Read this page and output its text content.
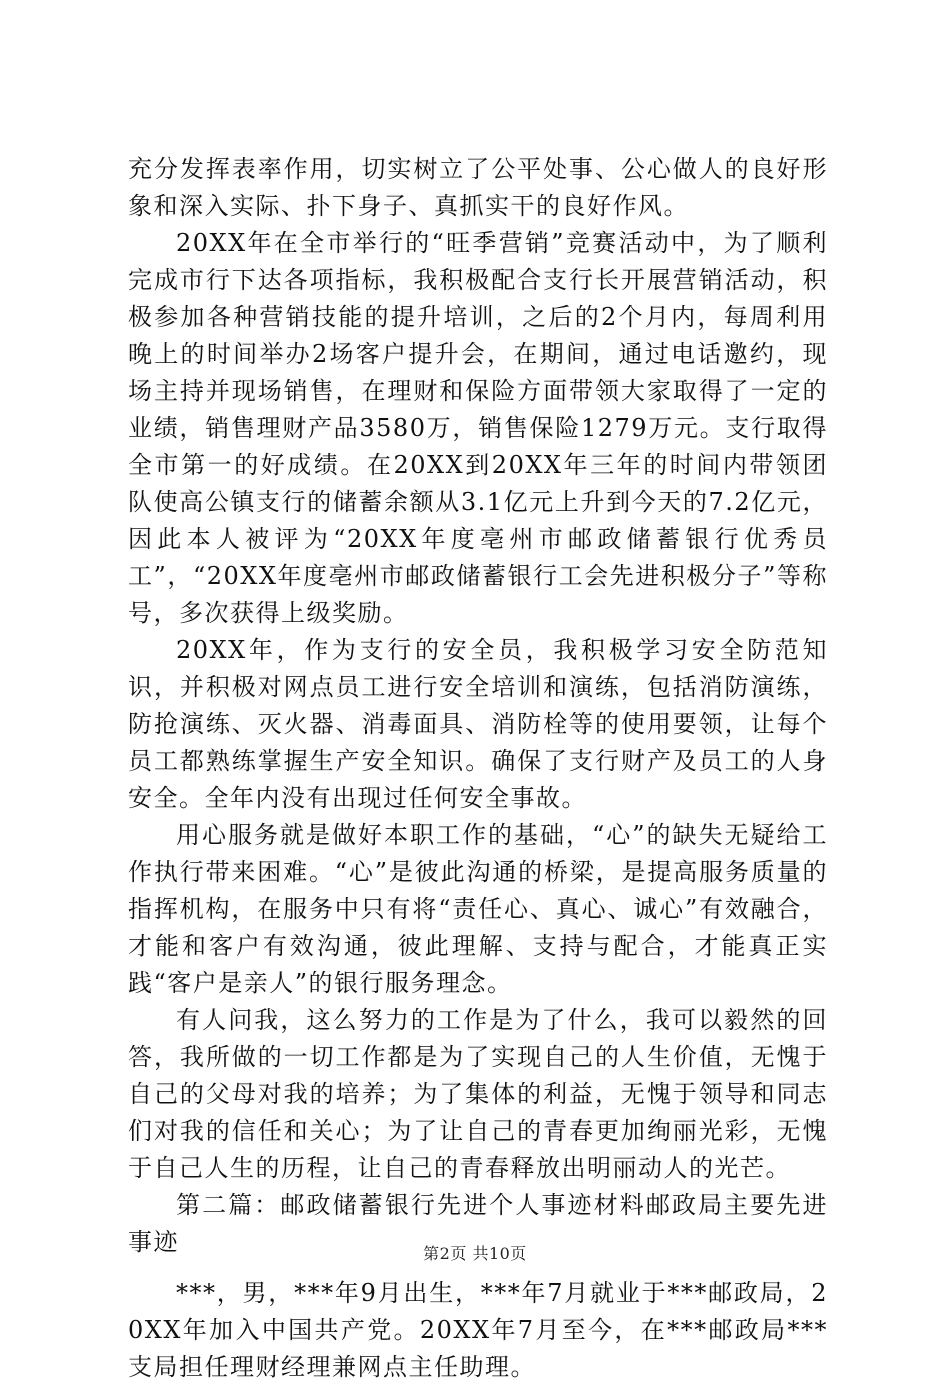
充分发挥表率作用，切实树立了公平处事、公心做人的良好形象和深入实际、扑下身子、真抓实干的良好作风。

20XX年在全市举行的“旺季营销”竞赛活动中，为了顺利完成市行下达各项指标，我积极配合支行长开展营销活动，积极参加各种营销技能的提升培训，之后的2个月内，每周利用晚上的时间举办2场客户提升会，在期间，通过电话邀约，现场主持并现场销售，在理财和保险方面带领大家取得了一定的业绩，销售理财产品3580万，销售保险1279万元。支行取得全市第一的好成绩。在20XX到20XX年三年的时间内带领团队使高公镇支行的储蓄余额从3.1亿元上升到今天的7.2亿元，因此本人被评为“20XX年度亳州市邮政储蓄银行优秀员工”，“20XX年度亳州市邮政储蓄银行工会先进积极分子”等称号，多次获得上级奖励。

20XX年，作为支行的安全员，我积极学习安全防范知识，并积极对网点员工进行安全培训和演练，包括消防演练，防抢演练、灭火器、消毒面具、消防栓等的使用要领，让每个员工都熟练掌握生产安全知识。确保了支行财产及员工的人身安全。全年内没有出现过任何安全事故。

用心服务就是做好本职工作的基础，“心”的缺失无疑给工作执行带来困难。“心”是彼此沟通的桥梁，是提高服务质量的指挥机构，在服务中只有将“责任心、真心、诚心”有效融合，才能和客户有效沟通，彼此理解、支持与配合，才能真正实践“客户是亲人”的银行服务理念。

有人问我，这么努力的工作是为了什么，我可以毅然的回答，我所做的一切工作都是为了实现自己的人生价值，无愧于自己的父母对我的培养；为了集体的利益，无愧于领导和同志们对我的信任和关心；为了让自己的青春更加绚丽光彩，无愧于自己人生的历程，让自己的青春释放出明丽动人的光芒。

第二篇：邮政储蓄银行先进个人事迹材料邮政局主要先进事迹

***，男，***年9月出生，***年7月就业于***邮政局，20XX年加入中国共产党。20XX年7月至今，在***邮政局***支局担任理财经理兼网点主任助理。

第2页 共10页
